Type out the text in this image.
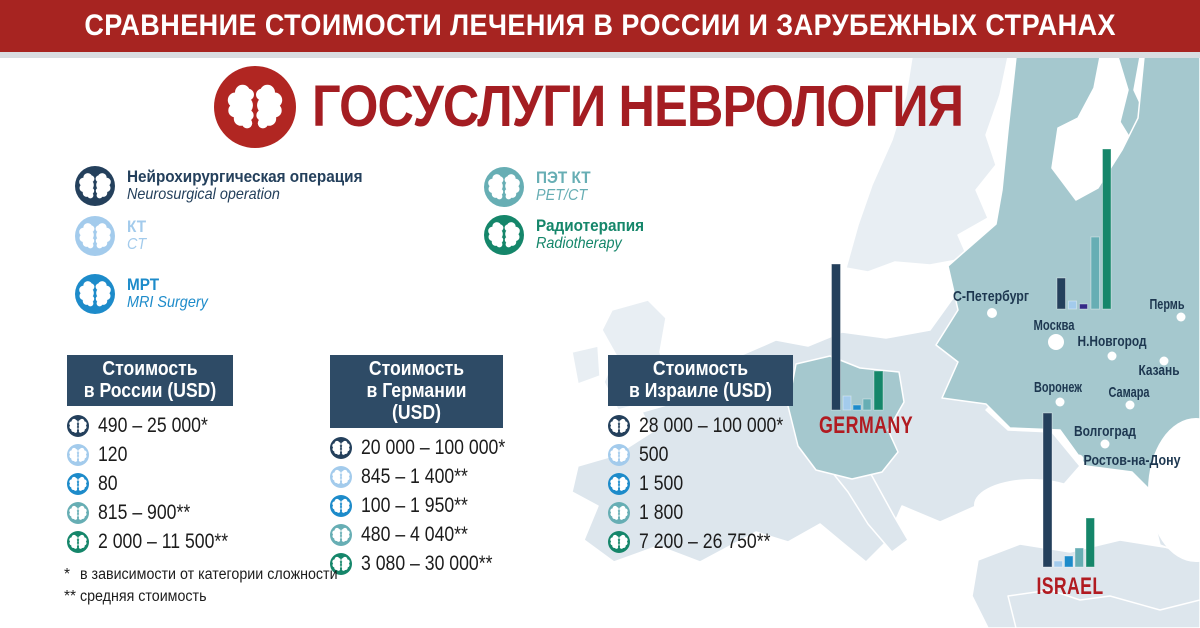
С-Петербург
Москва
Пермь
Н.Новгород
Казань
Воронеж Самара
Волгоград
Ростов-на-Дону
GERMANY
ISRAEL
СРАВНЕНИЕ СТОИМОСТИ ЛЕЧЕНИЯ В РОССИИ И ЗАРУБЕЖНЫХ СТРАНАХ
ГОСУСЛУГИ НЕВРОЛОГИЯ
Нейрохирургическая операция
Neurosurgical operation
КТ
CT
МРТ
MRI Surgery
ПЭТ КТ
PET/CT
Радиотерапия
Radiotherapy
Стоимость
в России (USD)
490 – 25 000*
120
80
815 – 900**
2 000 – 11 500**
Стоимость
в Германии (USD)
20 000 – 100 000*
845 – 1 400**
100 – 1 950**
480 – 4 040**
3 080 – 30 000**
Стоимость
в Израиле (USD)
28 000 – 100 000*
500
1 500
1 800
7 200 – 26 750**
* в зависимости от категории сложности
** средняя стоимость
